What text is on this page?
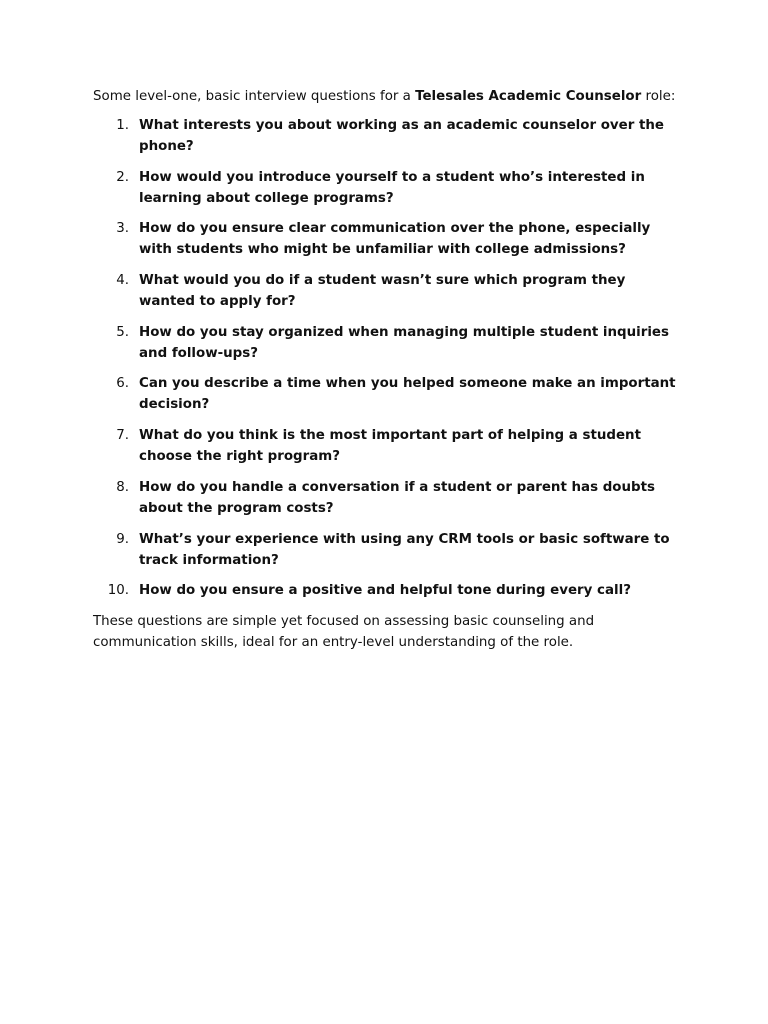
Some level-one, basic interview questions for a Telesales Academic Counselor role:

1. What interests you about working as an academic counselor over the phone?
2. How would you introduce yourself to a student who’s interested in learning about college programs?
3. How do you ensure clear communication over the phone, especially with students who might be unfamiliar with college admissions?
4. What would you do if a student wasn’t sure which program they wanted to apply for?
5. How do you stay organized when managing multiple student inquiries and follow-ups?
6. Can you describe a time when you helped someone make an important decision?
7. What do you think is the most important part of helping a student choose the right program?
8. How do you handle a conversation if a student or parent has doubts about the program costs?
9. What’s your experience with using any CRM tools or basic software to track information?
10. How do you ensure a positive and helpful tone during every call?

These questions are simple yet focused on assessing basic counseling and communication skills, ideal for an entry-level understanding of the role.
